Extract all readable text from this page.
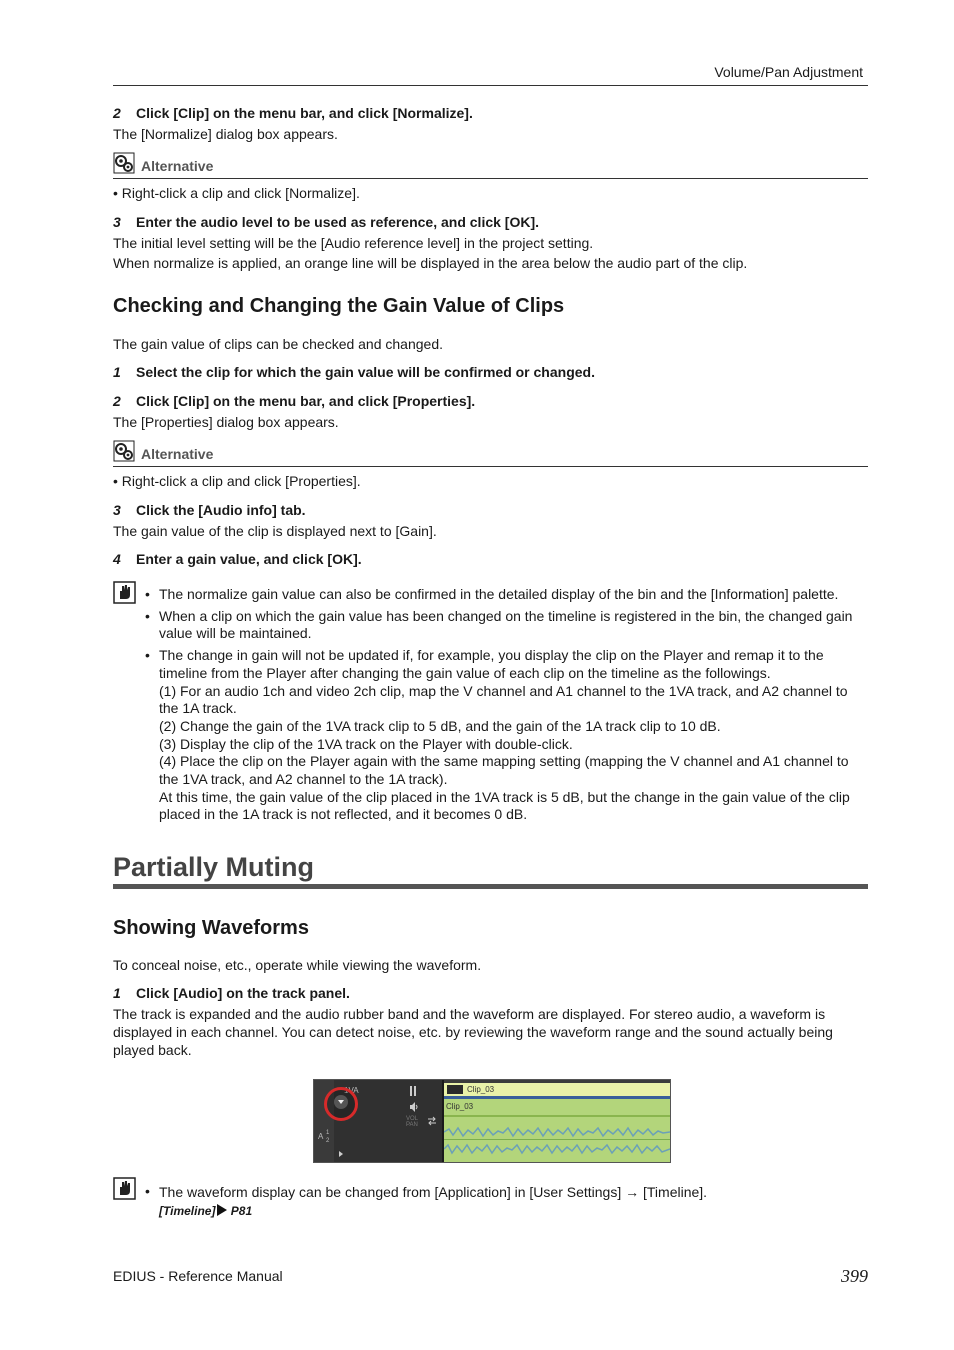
Volume/Pan Adjustment
2 Click [Clip] on the menu bar, and click [Normalize].
The [Normalize] dialog box appears.
Alternative
• Right-click a clip and click [Normalize].
3 Enter the audio level to be used as reference, and click [OK].
The initial level setting will be the [Audio reference level] in the project setting.
When normalize is applied, an orange line will be displayed in the area below the audio part of the clip.
Checking and Changing the Gain Value of Clips
The gain value of clips can be checked and changed.
1 Select the clip for which the gain value will be confirmed or changed.
2 Click [Clip] on the menu bar, and click [Properties].
The [Properties] dialog box appears.
Alternative
• Right-click a clip and click [Properties].
3 Click the [Audio info] tab.
The gain value of the clip is displayed next to [Gain].
4 Enter a gain value, and click [OK].
• The normalize gain value can also be confirmed in the detailed display of the bin and the [Information] palette.
• When a clip on which the gain value has been changed on the timeline is registered in the bin, the changed gain value will be maintained.
• The change in gain will not be updated if, for example, you display the clip on the Player and remap it to the timeline from the Player after changing the gain value of each clip on the timeline as the followings.
(1) For an audio 1ch and video 2ch clip, map the V channel and A1 channel to the 1VA track, and A2 channel to the 1A track.
(2) Change the gain of the 1VA track clip to 5 dB, and the gain of the 1A track clip to 10 dB.
(3) Display the clip of the 1VA track on the Player with double-click.
(4) Place the clip on the Player again with the same mapping setting (mapping the V channel and A1 channel to the 1VA track, and A2 channel to the 1A track).
At this time, the gain value of the clip placed in the 1VA track is 5 dB, but the change in the gain value of the clip placed in the 1A track is not reflected, and it becomes 0 dB.
Partially Muting
Showing Waveforms
To conceal noise, etc., operate while viewing the waveform.
1 Click [Audio] on the track panel.
The track is expanded and the audio rubber band and the waveform are displayed. For stereo audio, a waveform is displayed in each channel. You can detect noise, etc. by reviewing the waveform range and the sound actually being played back.
1VA
VOL
PAN
A 1
2
Clip_03
Clip_03
• The waveform display can be changed from [Application] in [User Settings] → [Timeline].
[Timeline] P81
EDIUS - Reference Manual	399
